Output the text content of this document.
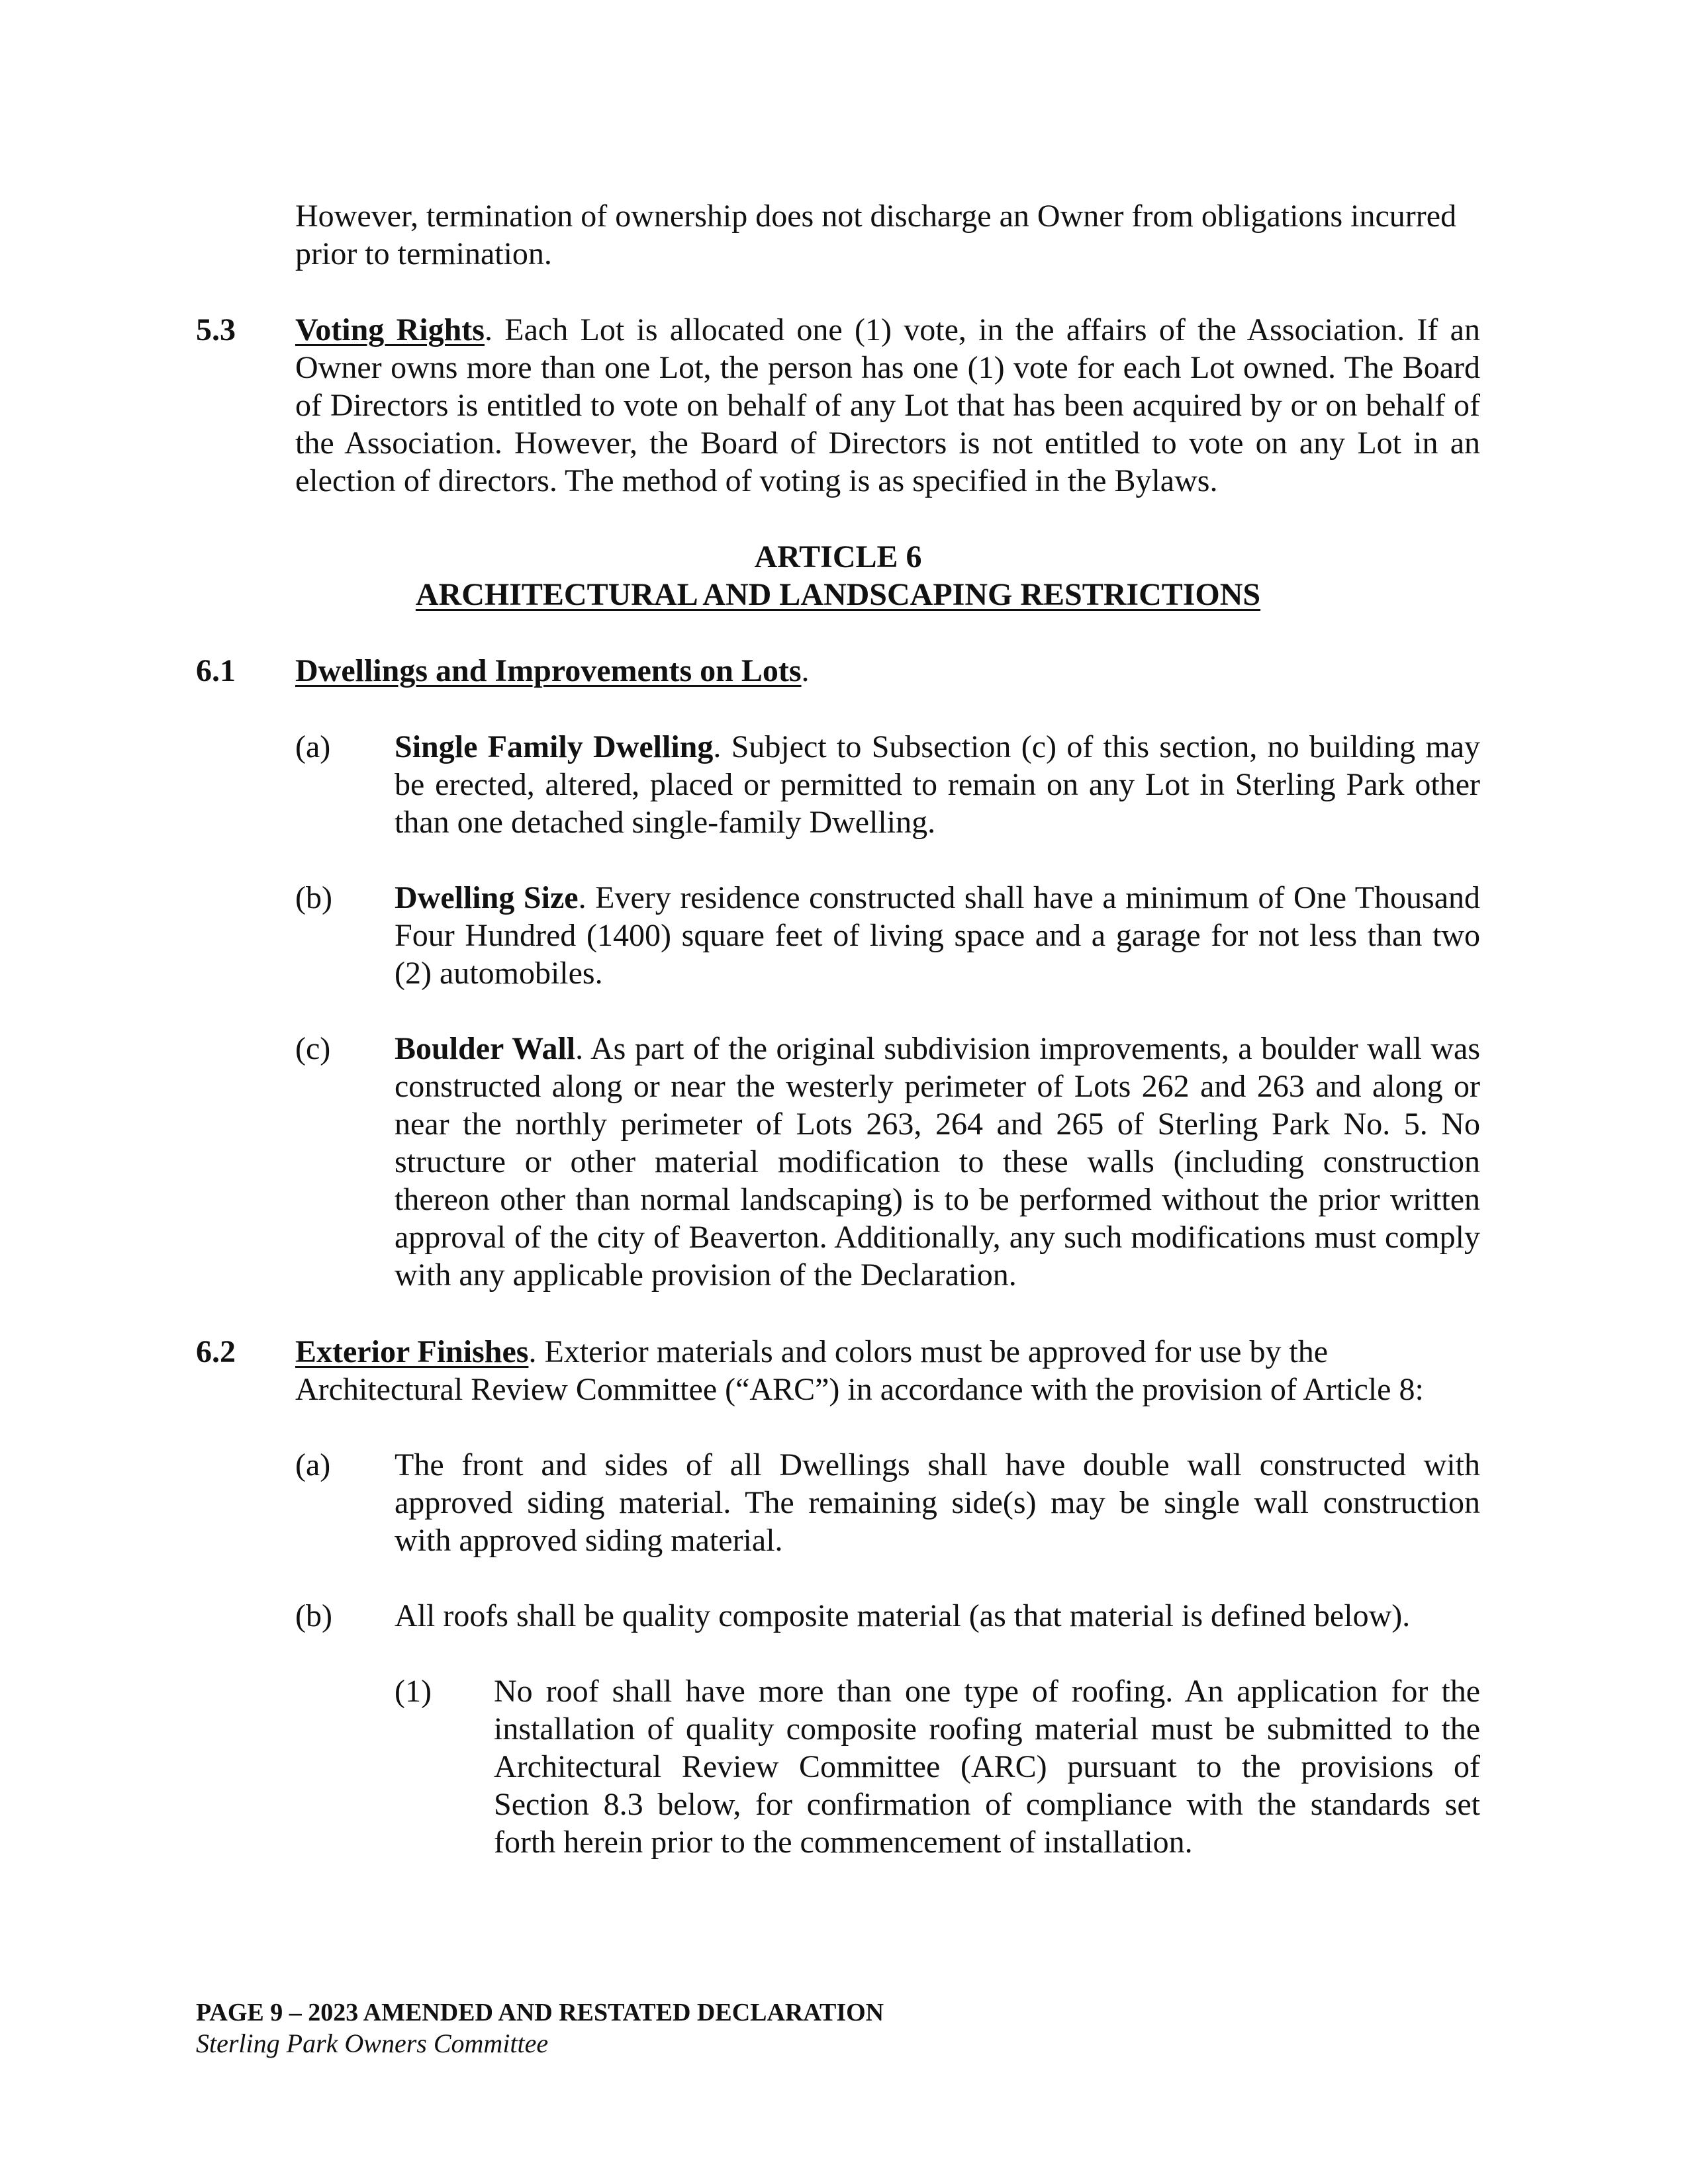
However, termination of ownership does not discharge an Owner from obligations incurred prior to termination.

5.3 Voting Rights. Each Lot is allocated one (1) vote, in the affairs of the Association. If an Owner owns more than one Lot, the person has one (1) vote for each Lot owned. The Board of Directors is entitled to vote on behalf of any Lot that has been acquired by or on behalf of the Association. However, the Board of Directors is not entitled to vote on any Lot in an election of directors. The method of voting is as specified in the Bylaws.

ARTICLE 6

ARCHITECTURAL AND LANDSCAPING RESTRICTIONS

6.1 Dwellings and Improvements on Lots.

(a) Single Family Dwelling. Subject to Subsection (c) of this section, no building may be erected, altered, placed or permitted to remain on any Lot in Sterling Park other than one detached single-family Dwelling.

(b) Dwelling Size. Every residence constructed shall have a minimum of One Thousand Four Hundred (1400) square feet of living space and a garage for not less than two (2) automobiles.

(c) Boulder Wall. As part of the original subdivision improvements, a boulder wall was constructed along or near the westerly perimeter of Lots 262 and 263 and along or near the northly perimeter of Lots 263, 264 and 265 of Sterling Park No. 5. No structure or other material modification to these walls (including construction thereon other than normal landscaping) is to be performed without the prior written approval of the city of Beaverton. Additionally, any such modifications must comply with any applicable provision of the Declaration.

6.2 Exterior Finishes. Exterior materials and colors must be approved for use by the Architectural Review Committee (“ARC”) in accordance with the provision of Article 8:

(a) The front and sides of all Dwellings shall have double wall constructed with approved siding material. The remaining side(s) may be single wall construction with approved siding material.

(b) All roofs shall be quality composite material (as that material is defined below).

(1) No roof shall have more than one type of roofing. An application for the installation of quality composite roofing material must be submitted to the Architectural Review Committee (ARC) pursuant to the provisions of Section 8.3 below, for confirmation of compliance with the standards set forth herein prior to the commencement of installation.

PAGE 9 – 2023 AMENDED AND RESTATED DECLARATION

Sterling Park Owners Committee
